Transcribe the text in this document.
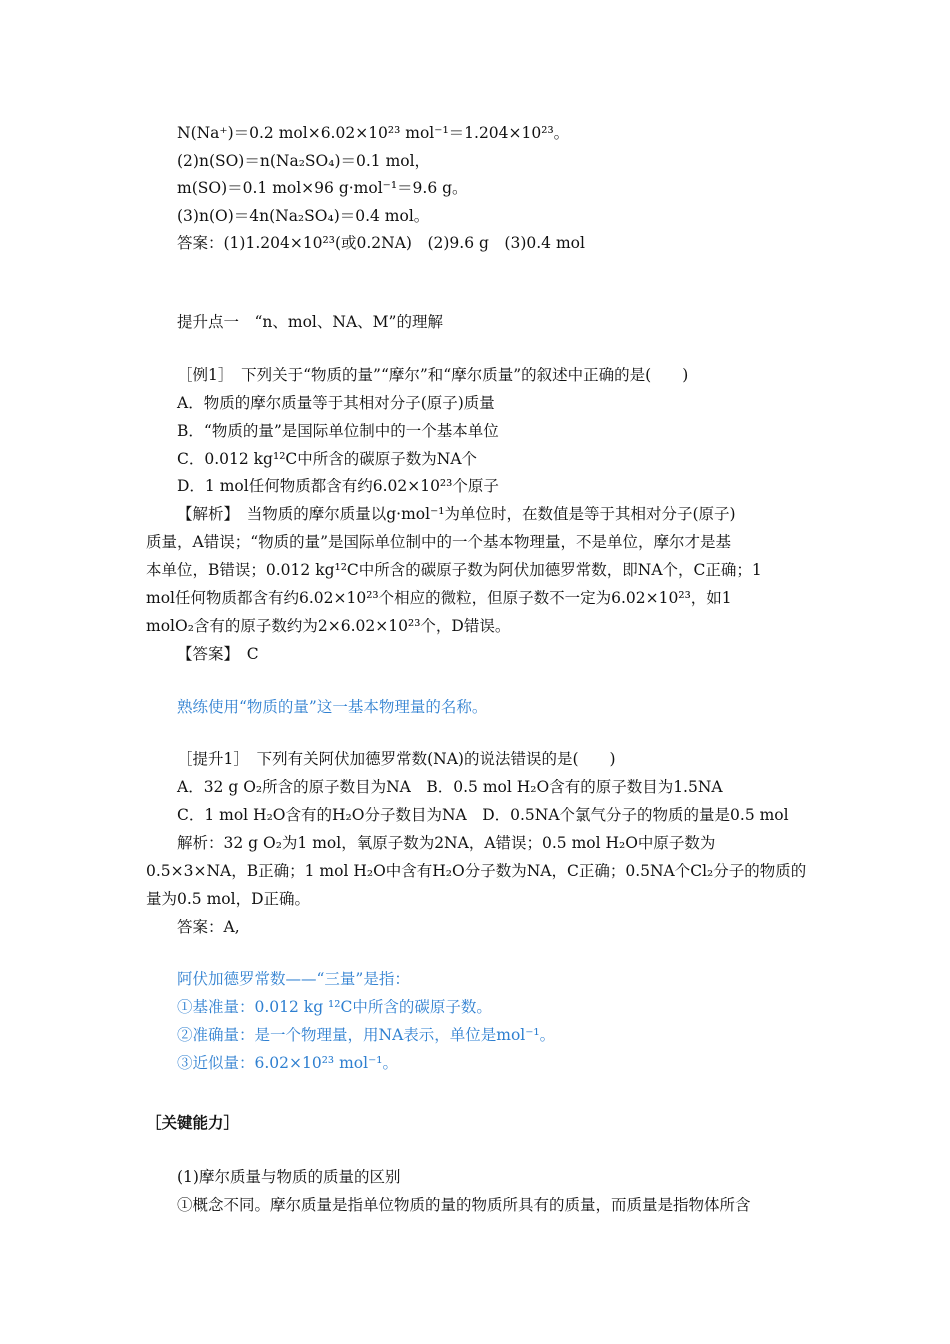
N(Na⁺)＝0.2 mol×6.02×10²³ mol⁻¹＝1.204×10²³。
(2)n(SO)＝n(Na₂SO₄)＝0.1 mol，
m(SO)＝0.1 mol×96 g·mol⁻¹＝9.6 g。
(3)n(O)＝4n(Na₂SO₄)＝0.4 mol。
答案：(1)1.204×10²³(或0.2NA)　(2)9.6 g　(3)0.4 mol
提升点一　“n、mol、NA、M”的理解
［例1］　下列关于“物质的量”“摩尔”和“摩尔质量”的叙述中正确的是(　　)
A．物质的摩尔质量等于其相对分子(原子)质量
B．“物质的量”是国际单位制中的一个基本单位
C．0.012 kg¹²C中所含的碳原子数为NA个
D．1 mol任何物质都含有约6.02×10²³个原子
【解析】　当物质的摩尔质量以g·mol⁻¹为单位时，在数值是等于其相对分子(原子)
质量，A错误；“物质的量”是国际单位制中的一个基本物理量，不是单位，摩尔才是基
本单位，B错误；0.012 kg¹²C中所含的碳原子数为阿伏加德罗常数，即NA个，C正确；1
mol任何物质都含有约6.02×10²³个相应的微粒，但原子数不一定为6.02×10²³，如1
molO₂含有的原子数约为2×6.02×10²³个，D错误。
【答案】　C
熟练使用“物质的量”这一基本物理量的名称。
［提升1］　下列有关阿伏加德罗常数(NA)的说法错误的是(　　)
A．32 g O₂所含的原子数目为NA　B．0.5 mol H₂O含有的原子数目为1.5NA
C．1 mol H₂O含有的H₂O分子数目为NA　D．0.5NA个氯气分子的物质的量是0.5 mol
解析：32 g O₂为1 mol，氧原子数为2NA，A错误；0.5 mol H₂O中原子数为
0.5×3×NA，B正确；1 mol H₂O中含有H₂O分子数为NA，C正确；0.5NA个Cl₂分子的物质的
量为0.5 mol，D正确。
答案：A,
阿伏加德罗常数——“三量”是指：
①基准量：0.012 kg ¹²C中所含的碳原子数。
②准确量：是一个物理量，用NA表示，单位是mol⁻¹。
③近似量：6.02×10²³ mol⁻¹。
［关键能力］
(1)摩尔质量与物质的质量的区别
①概念不同。摩尔质量是指单位物质的量的物质所具有的质量，而质量是指物体所含
